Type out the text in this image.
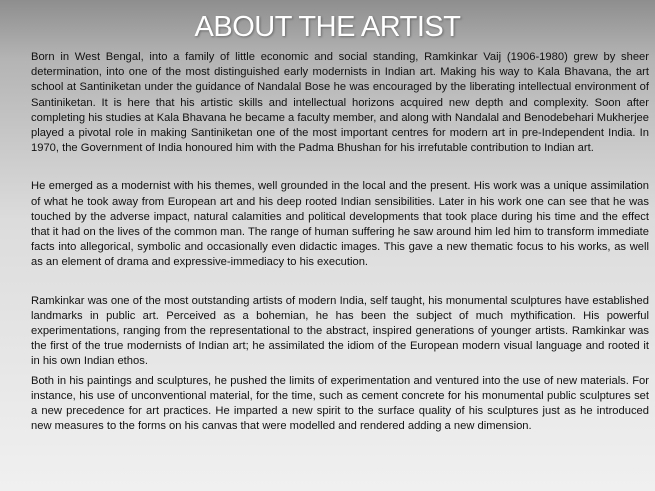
ABOUT THE ARTIST

Born in West Bengal, into a family of little economic and social standing, Ramkinkar Vaij (1906-1980) grew by sheer determination, into one of the most distinguished early modernists in Indian art. Making his way to Kala Bhavana, the art school at Santiniketan under the guidance of Nandalal Bose he was encouraged by the liberating intellectual environment of Santiniketan. It is here that his artistic skills and intellectual horizons acquired new depth and complexity. Soon after completing his studies at Kala Bhavana he became a faculty member, and along with Nandalal and Benodebehari Mukherjee played a pivotal role in making Santiniketan one of the most important centres for modern art in pre-Independent India. In 1970, the Government of India honoured him with the Padma Bhushan for his irrefutable contribution to Indian art.

He emerged as a modernist with his themes, well grounded in the local and the present. His work was a unique assimilation of what he took away from European art and his deep rooted Indian sensibilities. Later in his work one can see that he was touched by the adverse impact, natural calamities and political developments that took place during his time and the effect that it had on the lives of the common man. The range of human suffering he saw around him led him to transform immediate facts into allegorical, symbolic and occasionally even didactic images. This gave a new thematic focus to his works, as well as an element of drama and expressive-immediacy to his execution.

Ramkinkar was one of the most outstanding artists of modern India, self taught, his monumental sculptures have established landmarks in public art. Perceived as a bohemian, he has been the subject of much mythification. His powerful experimentations, ranging from the representational to the abstract, inspired generations of younger artists. Ramkinkar was the first of the true modernists of Indian art; he assimilated the idiom of the European modern visual language and rooted it in his own Indian ethos.

Both in his paintings and sculptures, he pushed the limits of experimentation and ventured into the use of new materials. For instance, his use of unconventional material, for the time, such as cement concrete for his monumental public sculptures set a new precedence for art practices. He imparted a new spirit to the surface quality of his sculptures just as he introduced new measures to the forms on his canvas that were modelled and rendered adding a new dimension.
